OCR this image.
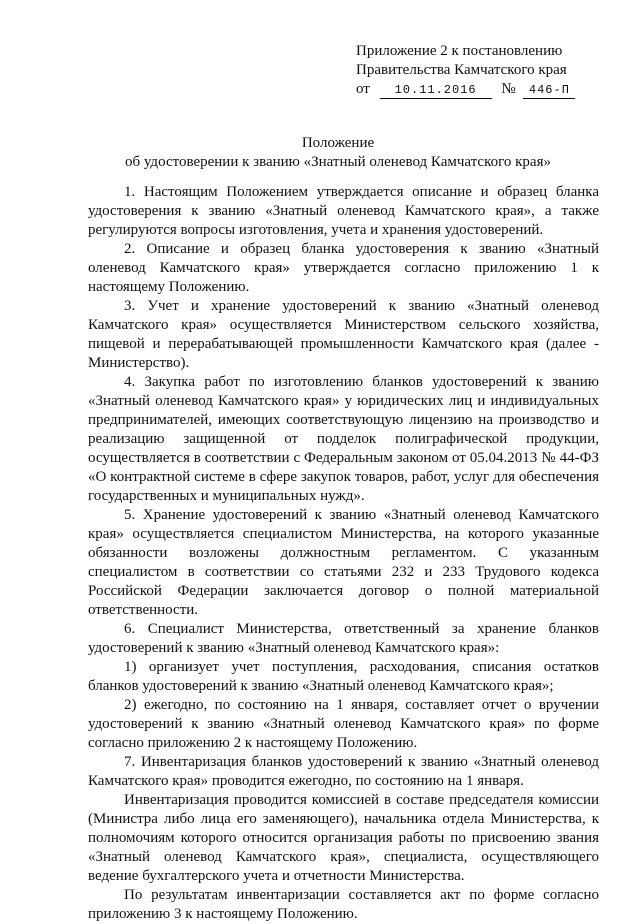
Приложение 2 к постановлению
Правительства Камчатского края
от 10.11.2016 № 446-П
Положение
об удостоверении к званию «Знатный оленевод Камчатского края»

1. Настоящим Положением утверждается описание и образец бланка удостоверения к званию «Знатный оленевод Камчатского края», а также регулируются вопросы изготовления, учета и хранения удостоверений.

2. Описание и образец бланка удостоверения к званию «Знатный оленевод Камчатского края» утверждается согласно приложению 1 к настоящему Положению.

3. Учет и хранение удостоверений к званию «Знатный оленевод Камчатского края» осуществляется Министерством сельского хозяйства, пищевой и перерабатывающей промышленности Камчатского края (далее - Министерство).

4. Закупка работ по изготовлению бланков удостоверений к званию «Знатный оленевод Камчатского края» у юридических лиц и индивидуальных предпринимателей, имеющих соответствующую лицензию на производство и реализацию защищенной от подделок полиграфической продукции, осуществляется в соответствии с Федеральным законом от 05.04.2013 № 44-ФЗ «О контрактной системе в сфере закупок товаров, работ, услуг для обеспечения государственных и муниципальных нужд».

5. Хранение удостоверений к званию «Знатный оленевод Камчатского края» осуществляется специалистом Министерства, на которого указанные обязанности возложены должностным регламентом. С указанным специалистом в соответствии со статьями 232 и 233 Трудового кодекса Российской Федерации заключается договор о полной материальной ответственности.

6. Специалист Министерства, ответственный за хранение бланков удостоверений к званию «Знатный оленевод Камчатского края»:

1) организует учет поступления, расходования, списания остатков бланков удостоверений к званию «Знатный оленевод Камчатского края»;

2) ежегодно, по состоянию на 1 января, составляет отчет о вручении удостоверений к званию «Знатный оленевод Камчатского края» по форме согласно приложению 2 к настоящему Положению.

7. Инвентаризация бланков удостоверений к званию «Знатный оленевод Камчатского края» проводится ежегодно, по состоянию на 1 января.

Инвентаризация проводится комиссией в составе председателя комиссии (Министра либо лица его заменяющего), начальника отдела Министерства, к полномочиям которого относится организация работы по присвоению звания «Знатный оленевод Камчатского края», специалиста, осуществляющего ведение бухгалтерского учета и отчетности Министерства.

По результатам инвентаризации составляется акт по форме согласно приложению 3 к настоящему Положению.
